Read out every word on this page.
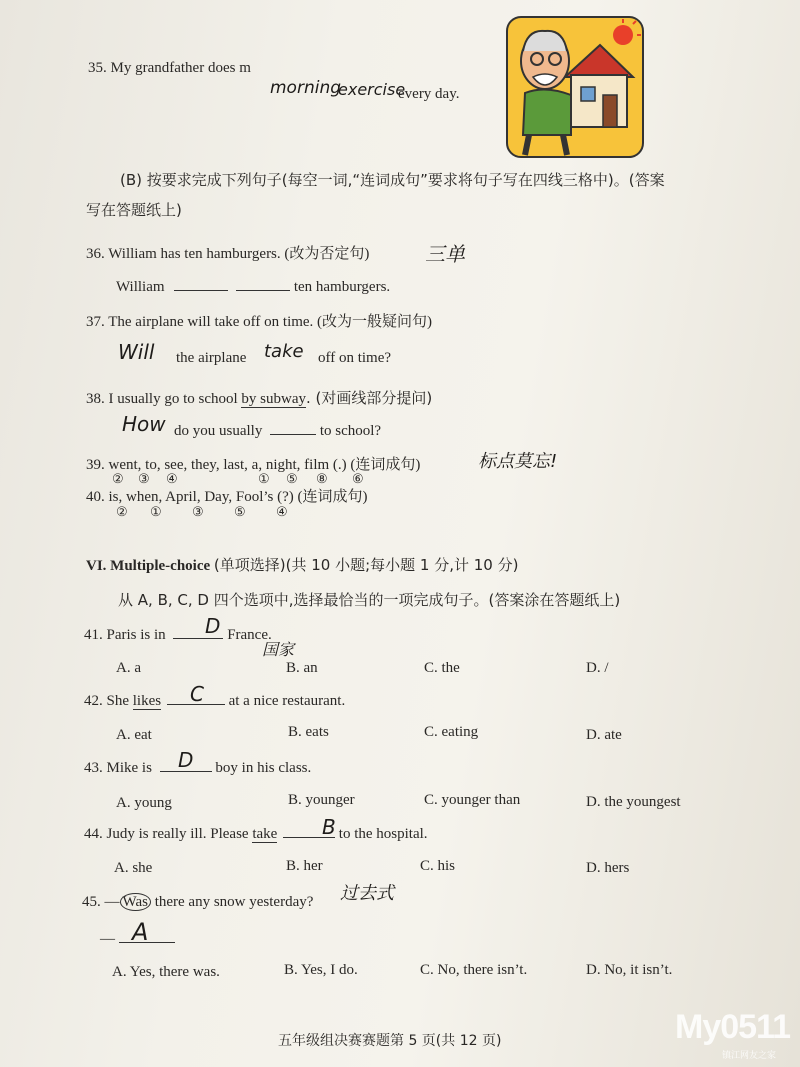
35. My grandfather does m
morning
exercise
every day.
(B) 按要求完成下列句子(每空一词,“连词成句”要求将句子写在四线三格中)。(答案
写在答题纸上)
36. William has ten hamburgers. (改为否定句)	三单
William	ten hamburgers.
37. The airplane will take off on time. (改为一般疑问句)
Will the airplane take off on time?
38. I usually go to school by subway. (对画线部分提问)
How do you usually	to school?
39. went, to, see, they, last, a, night, film (.) (连词成句)	标点莫忘!
② ③ ④	① ⑤ ⑧ ⑥
40. is, when, April, Day, Fool’s (?) (连词成句)
② ① ③ ⑤ ④
VI. Multiple-choice (单项选择)(共 10 小题;每小题 1 分,计 10 分)
从 A, B, C, D 四个选项中,选择最恰当的一项完成句子。(答案涂在答题纸上)
41. Paris is in	France.
D
国家
A. a	B. an	C. the	D. /
42. She likes	at a nice restaurant.
C
A. eat	B. eats	C. eating	D. ate
43. Mike is	boy in his class.
D
A. young	B. younger	C. younger than	D. the youngest
44. Judy is really ill. Please take	to the hospital.
B
A. she	B. her	C. his	D. hers
45. — Was there any snow yesterday? 过去式
— A
A. Yes, there was.	B. Yes, I do.	C. No, there isn’t.	D. No, it isn’t.
五年级组决赛赛题第 5 页(共 12 页)	My0511
镇江网友之家
